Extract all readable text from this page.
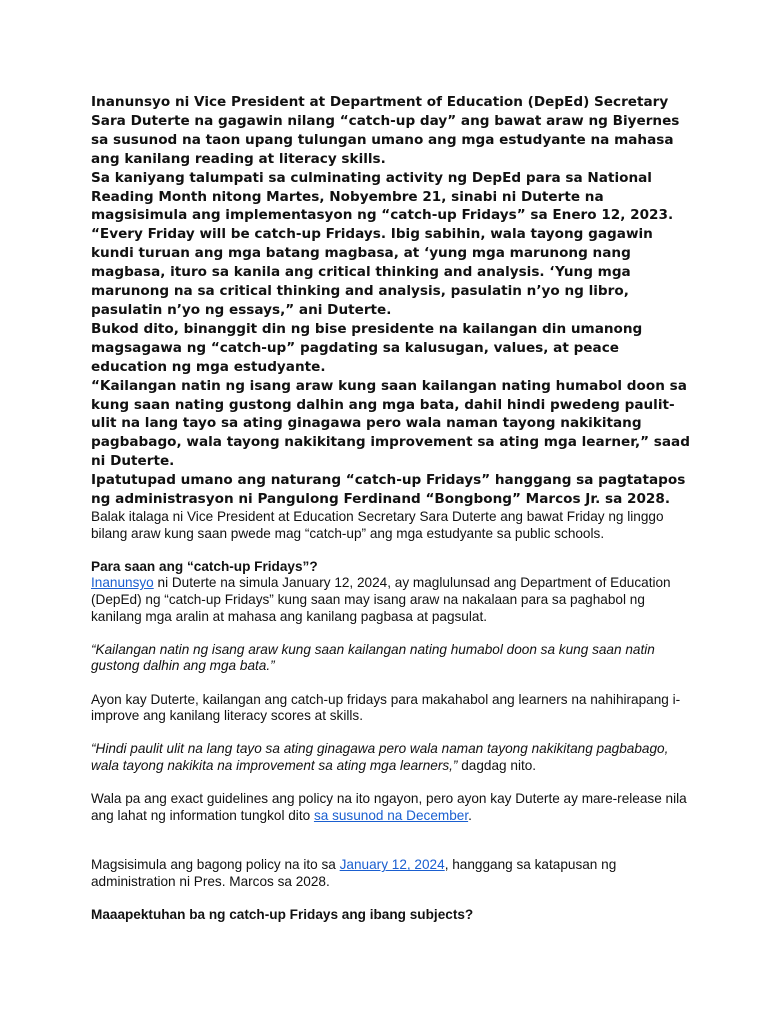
Inanunsyo ni Vice President at Department of Education (DepEd) Secretary Sara Duterte na gagawin nilang “catch-up day” ang bawat araw ng Biyernes sa susunod na taon upang tulungan umano ang mga estudyante na mahasa ang kanilang reading at literacy skills.

Sa kaniyang talumpati sa culminating activity ng DepEd para sa National Reading Month nitong Martes, Nobyembre 21, sinabi ni Duterte na magsisimula ang implementasyon ng “catch-up Fridays” sa Enero 12, 2023.

“Every Friday will be catch-up Fridays. Ibig sabihin, wala tayong gagawin kundi turuan ang mga batang magbasa, at ‘yung mga marunong nang magbasa, ituro sa kanila ang critical thinking and analysis. ‘Yung mga marunong na sa critical thinking and analysis, pasulatin n’yo ng libro, pasulatin n’yo ng essays,” ani Duterte.

Bukod dito, binanggit din ng bise presidente na kailangan din umanong magsagawa ng “catch-up” pagdating sa kalusugan, values, at peace education ng mga estudyante.

“Kailangan natin ng isang araw kung saan kailangan nating humabol doon sa kung saan nating gustong dalhin ang mga bata, dahil hindi pwedeng paulit-ulit na lang tayo sa ating ginagawa pero wala naman tayong nakikitang pagbabago, wala tayong nakikitang improvement sa ating mga learner,” saad ni Duterte.

Ipatutupad umano ang naturang “catch-up Fridays” hanggang sa pagtatapos ng administrasyon ni Pangulong Ferdinand “Bongbong” Marcos Jr. sa 2028.

Balak italaga ni Vice President at Education Secretary Sara Duterte ang bawat Friday ng linggo bilang araw kung saan pwede mag “catch-up” ang mga estudyante sa public schools.

Para saan ang “catch-up Fridays”?

Inanunsyo ni Duterte na simula January 12, 2024, ay maglulunsad ang Department of Education (DepEd) ng “catch-up Fridays” kung saan may isang araw na nakalaan para sa paghabol ng kanilang mga aralin at mahasa ang kanilang pagbasa at pagsulat.

“Kailangan natin ng isang araw kung saan kailangan nating humabol doon sa kung saan natin gustong dalhin ang mga bata.”

Ayon kay Duterte, kailangan ang catch-up fridays para makahabol ang learners na nahihirapang i-improve ang kanilang literacy scores at skills.

“Hindi paulit ulit na lang tayo sa ating ginagawa pero wala naman tayong nakikitang pagbabago, wala tayong nakikita na improvement sa ating mga learners,” dagdag nito.

Wala pa ang exact guidelines ang policy na ito ngayon, pero ayon kay Duterte ay mare-release nila ang lahat ng information tungkol dito sa susunod na December.

Magsisimula ang bagong policy na ito sa January 12, 2024, hanggang sa katapusan ng administration ni Pres. Marcos sa 2028.

Maaapektuhan ba ng catch-up Fridays ang ibang subjects?
